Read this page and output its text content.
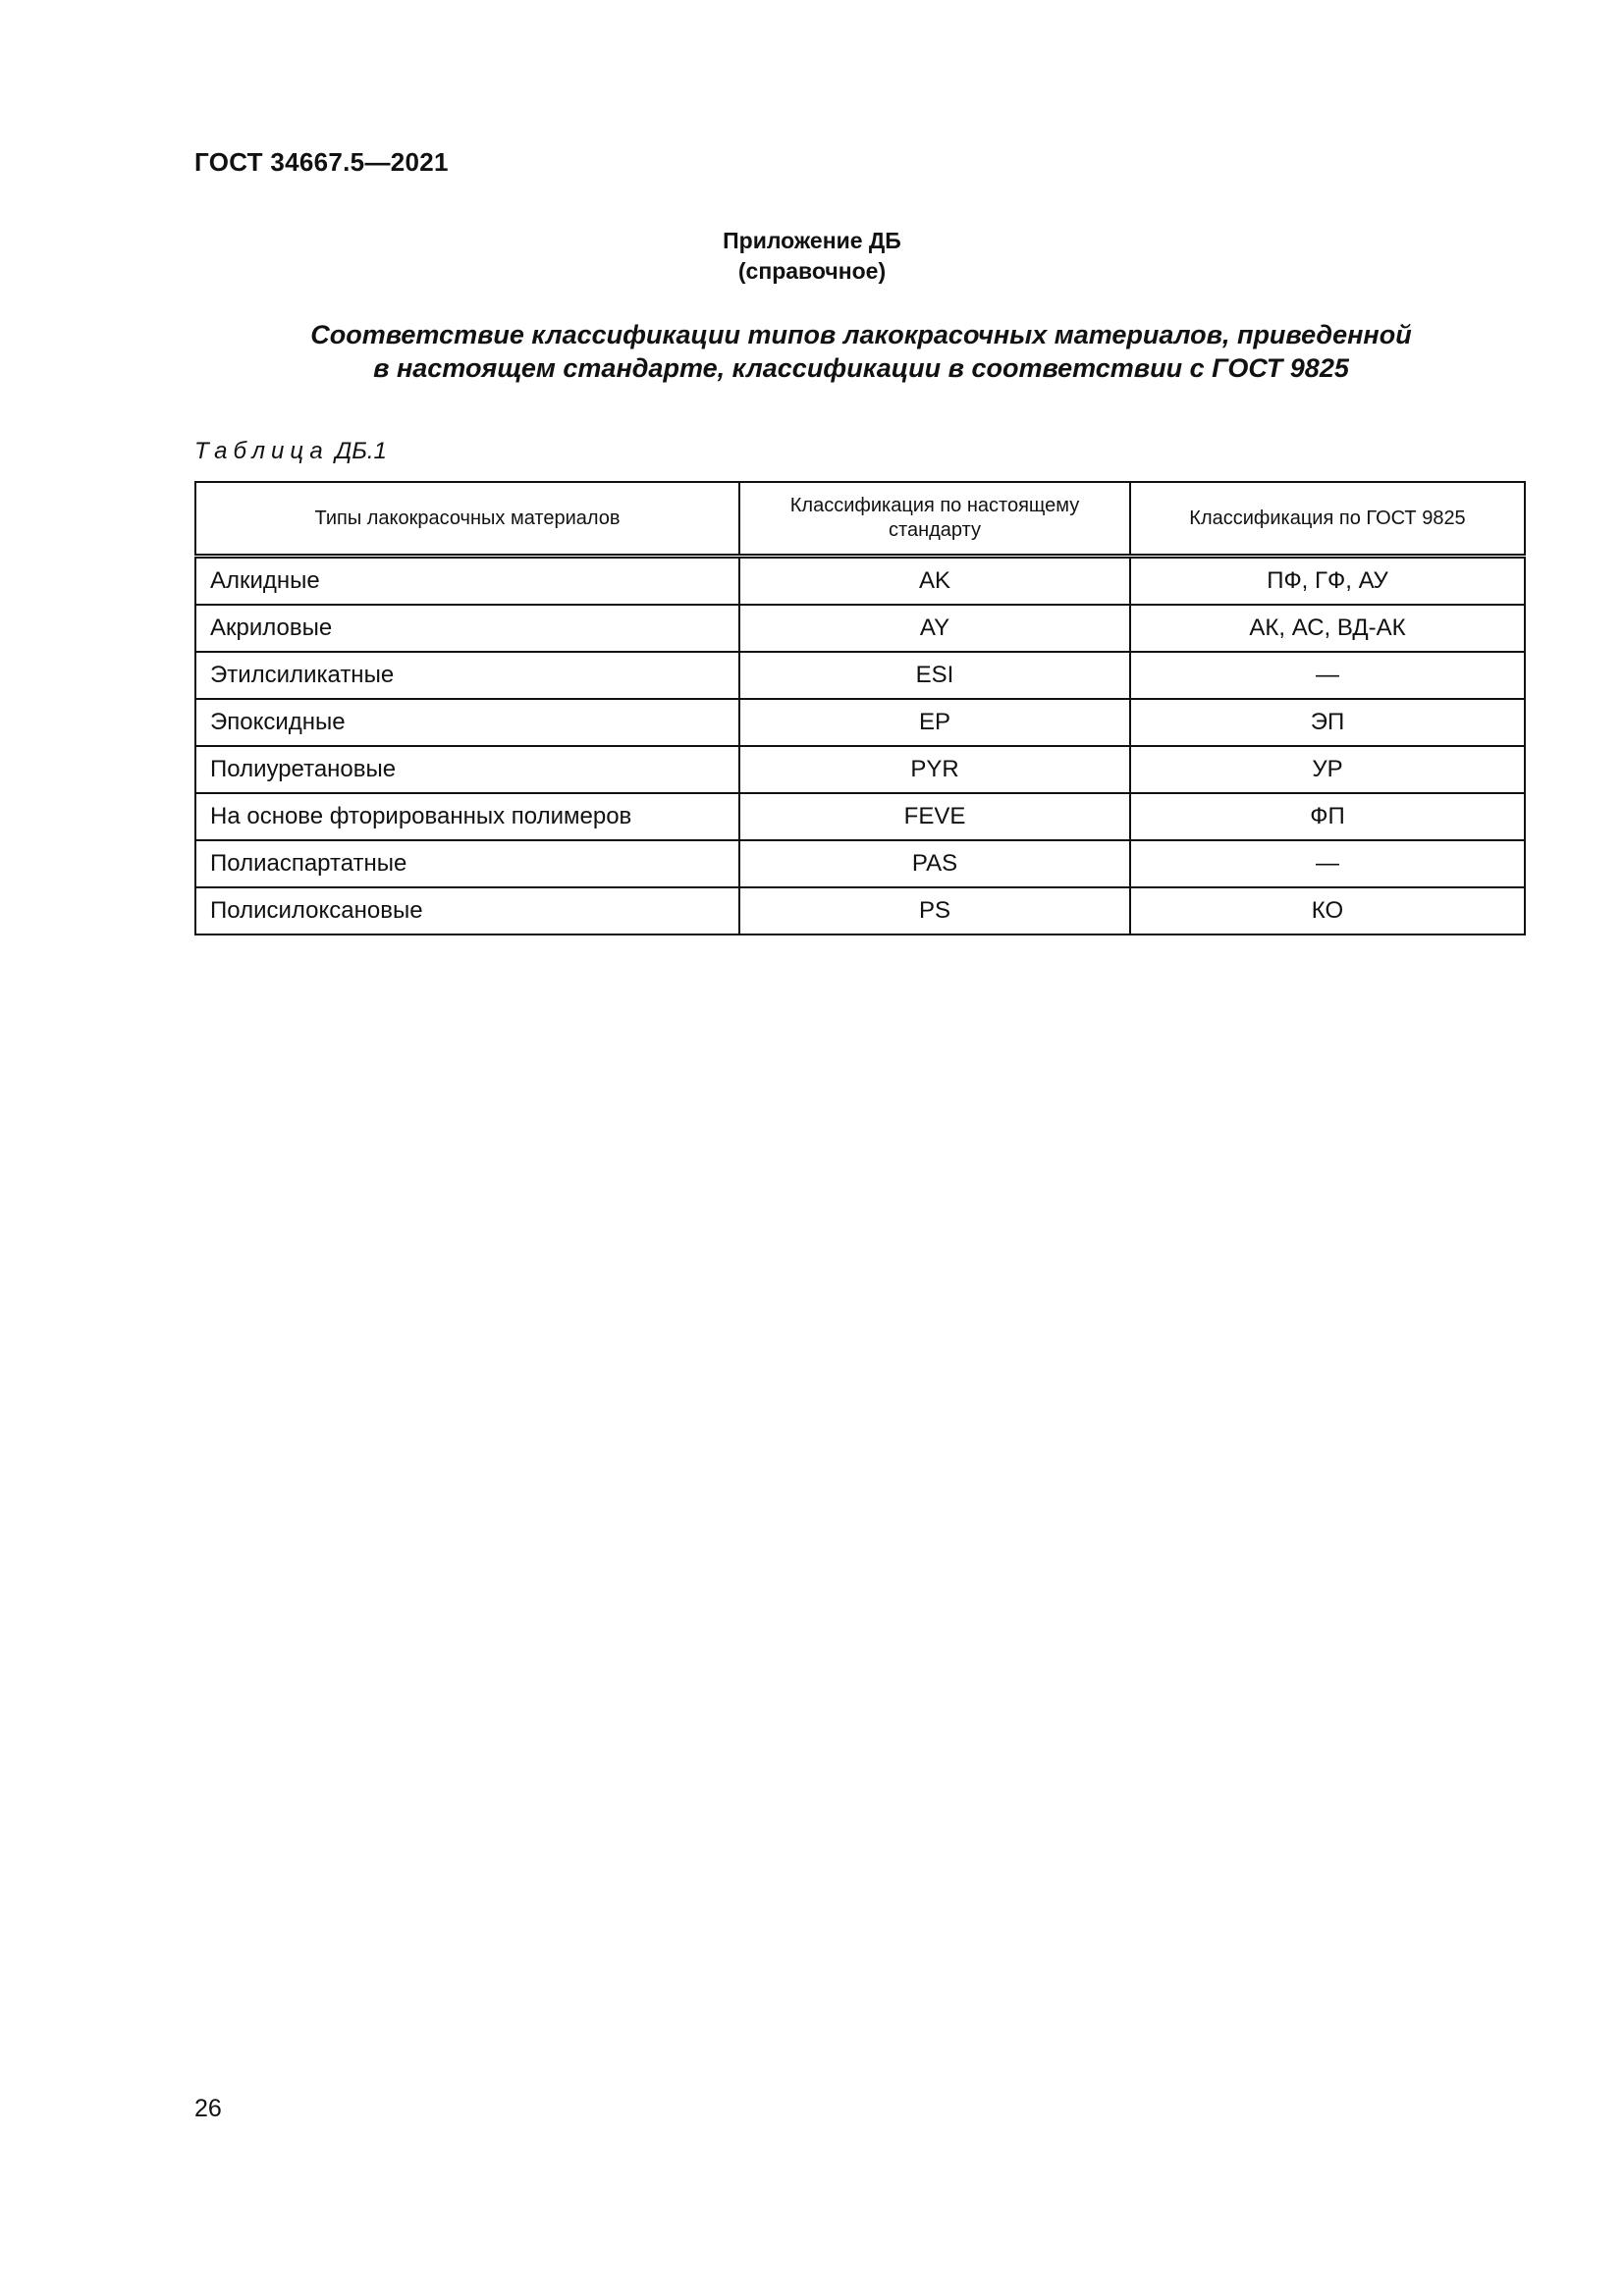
ГОСТ 34667.5—2021
Приложение ДБ
(справочное)
Соответствие классификации типов лакокрасочных материалов, приведенной
в настоящем стандарте, классификации в соответствии с ГОСТ 9825
Таблица ДБ.1
Типы лакокрасочных материалов	Классификация по настоящему стандарту	Классификация по ГОСТ 9825
Алкидные	AK	ПФ, ГФ, АУ
Акриловые	AY	АК, АС, ВД-АК
Этилсиликатные	ESI	—
Эпоксидные	EP	ЭП
Полиуретановые	PYR	УР
На основе фторированных полимеров	FEVE	ФП
Полиаспартатные	PAS	—
Полисилоксановые	PS	КО
26
